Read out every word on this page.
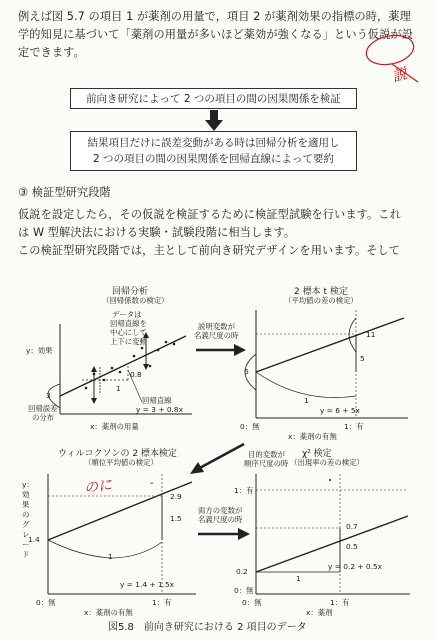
例えば図 5.7 の項目 1 が薬剤の用量で，項目 2 が薬剤効果の指標の時，薬理
学的知見に基づいて「薬剤の用量が多いほど薬効が強くなる」という仮説が設
定できます。
説
前向き研究によって 2 つの項目の間の因果関係を検証
結果項目だけに誤差変動がある時は回帰分析を適用し
2 つの項目の間の因果関係を回帰直線によって要約
③ 検証型研究段階
仮説を設定したら，その仮説を検証するために検証型試験を行います。これ
は W 型解決法における実験・試験段階に相当します。
この検証型研究段階では，主として前向き研究デザインを用います。そして
回帰分析
（回帰係数の検定）
データは
回帰直線を
中心にして
上下に変動
y：効果
3
回帰誤差
の分布
0.8
1
回帰直線
y = 3 + 0.8x
x：薬剤の用量
説明変数が
名義尺度の時
2 標本 t 検定
（平均値の差の検定）
6
11
5
1
y = 6 + 5x
0：無	1：有
x：薬剤の有無
目的変数が
順序尺度の時
ウィルコクソンの 2 標本検定
（順位平均値の検定）
-
y：効果のグレード
1.4
2.9
1.5
1
y = 1.4 + 1.5x
0：無	1：有
x：薬剤の有無
のに
両方の変数が
名義尺度の時
χ² 検定
（出現率の差の検定）
1：有
0：無
0.2
0.7
0.5
1
y = 0.2 + 0.5x
0：無	1：有
x：薬剤
図5.8　前向き研究における 2 項目のデータ
